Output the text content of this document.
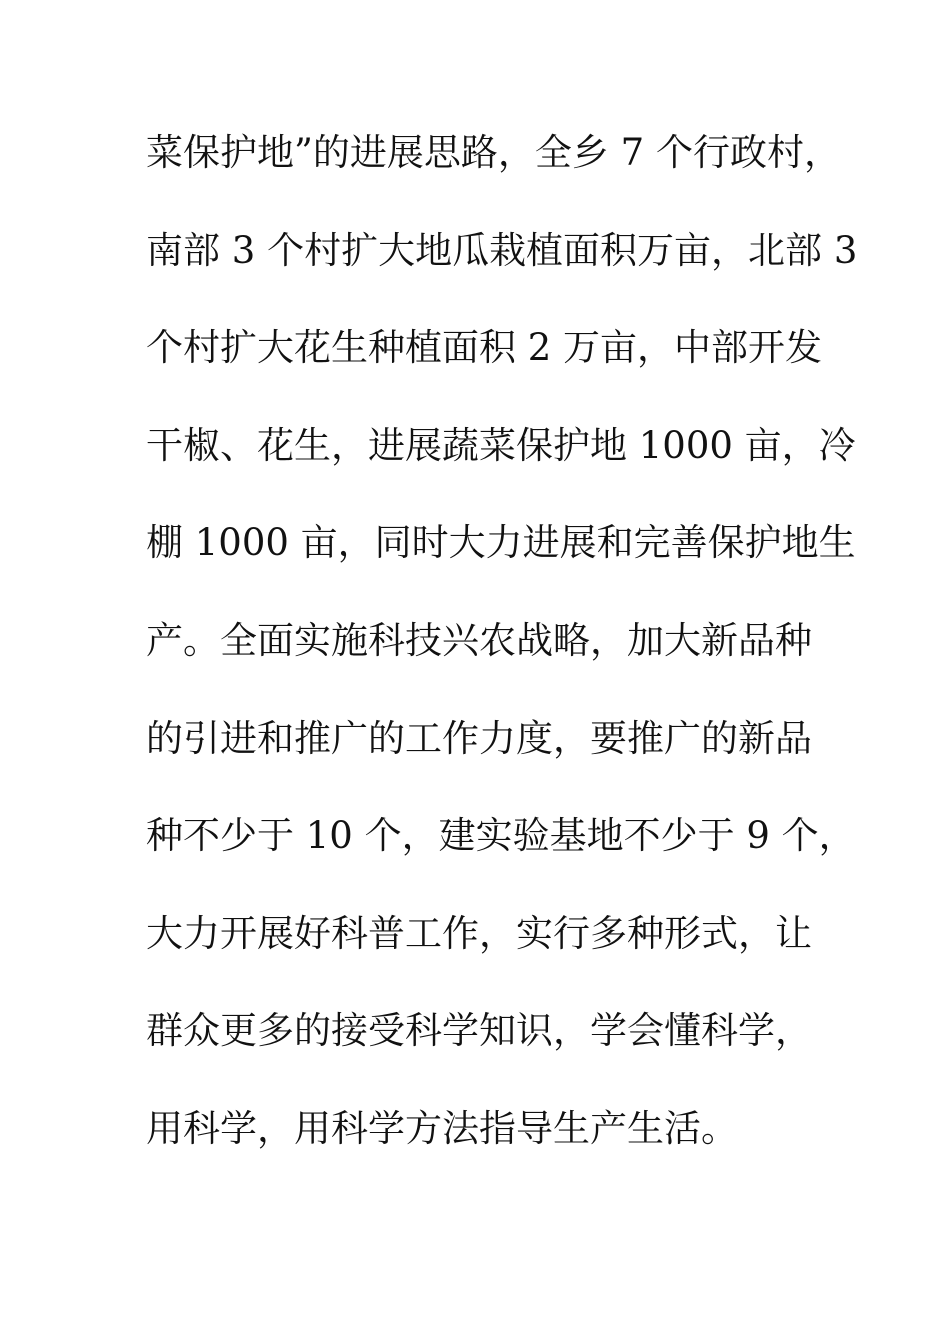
菜保护地”的进展思路，全乡 7 个行政村，
南部 3 个村扩大地瓜栽植面积万亩，北部 3
个村扩大花生种植面积 2 万亩，中部开发
干椒、花生，进展蔬菜保护地 1000 亩，冷
棚 1000 亩，同时大力进展和完善保护地生
产。全面实施科技兴农战略，加大新品种
的引进和推广的工作力度，要推广的新品
种不少于 10 个，建实验基地不少于 9 个，
大力开展好科普工作，实行多种形式，让
群众更多的接受科学知识，学会懂科学，
用科学，用科学方法指导生产生活。
